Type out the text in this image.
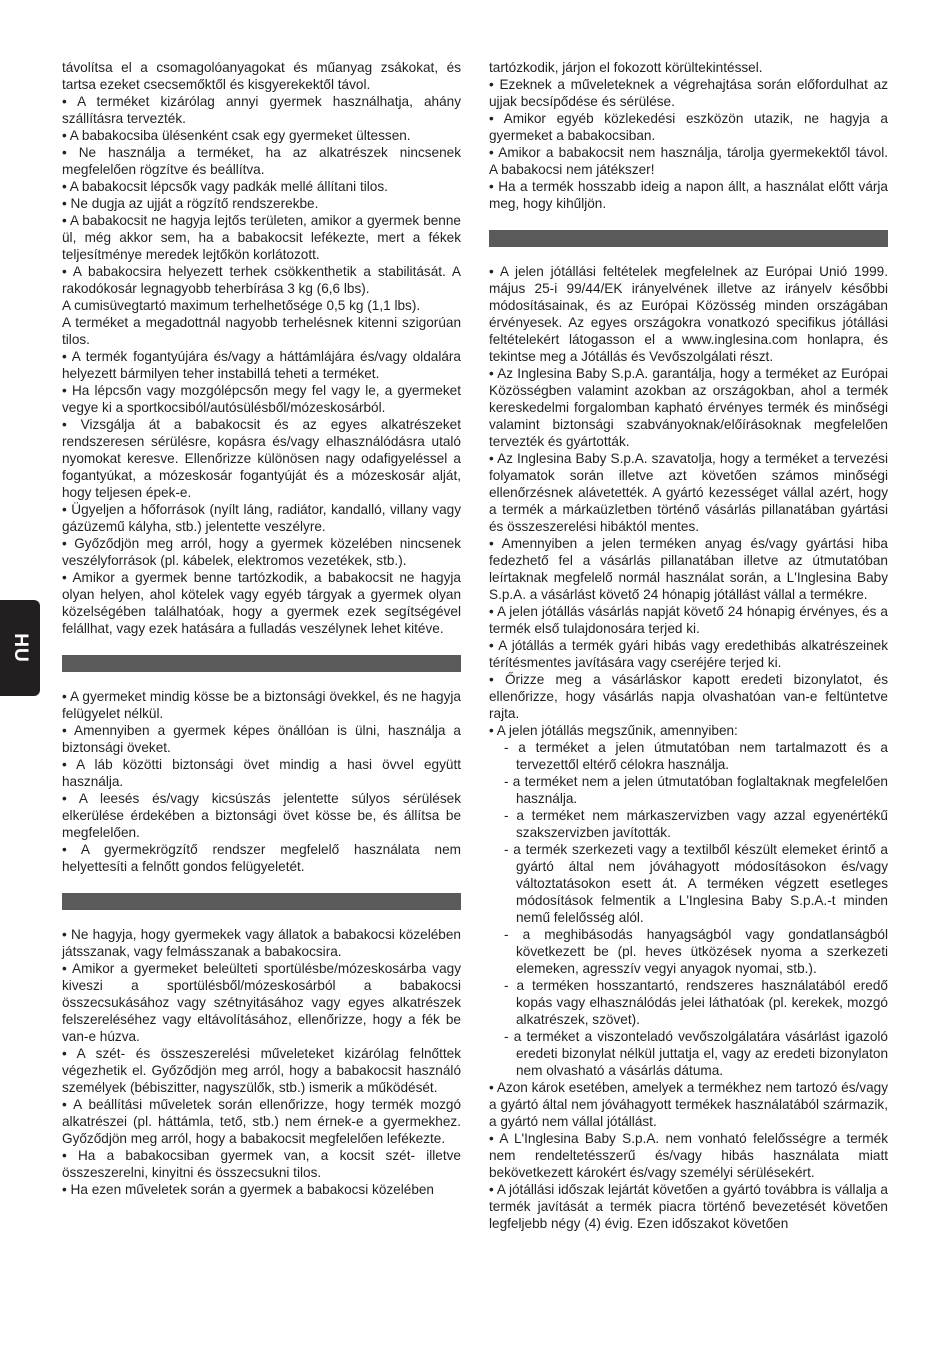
HU

távolítsa el a csomagolóanyagokat és műanyag zsákokat, és tartsa ezeket csecsemőktől és kisgyerekektől távol.

• A terméket kizárólag annyi gyermek használhatja, ahány szállításra tervezték.

• A babakocsiba ülésenként csak egy gyermeket ültessen.

• Ne használja a terméket, ha az alkatrészek nincsenek megfelelően rögzítve és beállítva.

• A babakocsit lépcsők vagy padkák mellé állítani tilos.

• Ne dugja az ujját a rögzítő rendszerekbe.

• A babakocsit ne hagyja lejtős területen, amikor a gyermek benne ül, még akkor sem, ha a babakocsit lefékezte, mert a fékek teljesítménye meredek lejtőkön korlátozott.

• A babakocsira helyezett terhek csökkenthetik a stabilitását. A rakodókosár legnagyobb teherbírása 3 kg (6,6 lbs).

A cumisüvegtartó maximum terhelhetősége 0,5 kg (1,1 lbs).

A terméket a megadottnál nagyobb terhelésnek kitenni szigorúan tilos.

• A termék fogantyújára és/vagy a háttámlájára és/vagy oldalára helyezett bármilyen teher instabillá teheti a terméket.

• Ha lépcsőn vagy mozgólépcsőn megy fel vagy le, a gyermeket vegye ki a sportkocsiból/autósülésből/mózeskosárból.

• Vizsgálja át a babakocsit és az egyes alkatrészeket rendszeresen sérülésre, kopásra és/vagy elhasználódásra utaló nyomokat keresve. Ellenőrizze különösen nagy odafigyeléssel a fogantyúkat, a mózeskosár fogantyúját és a mózeskosár alját, hogy teljesen épek-e.

• Ügyeljen a hőforrások (nyílt láng, radiátor, kandalló, villany vagy gázüzemű kályha, stb.) jelentette veszélyre.

• Győződjön meg arról, hogy a gyermek közelében nincsenek veszélyforrások (pl. kábelek, elektromos vezetékek, stb.).

• Amikor a gyermek benne tartózkodik, a babakocsit ne hagyja olyan helyen, ahol kötelek vagy egyéb tárgyak a gyermek olyan közelségében találhatóak, hogy a gyermek ezek segítségével felállhat, vagy ezek hatására a fulladás veszélynek lehet kitéve.

• A gyermeket mindig kösse be a biztonsági övekkel, és ne hagyja felügyelet nélkül.

• Amennyiben a gyermek képes önállóan is ülni, használja a biztonsági öveket.

• A láb közötti biztonsági övet mindig a hasi övvel együtt használja.

• A leesés és/vagy kicsúszás jelentette súlyos sérülések elkerülése érdekében a biztonsági övet kösse be, és állítsa be megfelelően.

• A gyermekrögzítő rendszer megfelelő használata nem helyettesíti a felnőtt gondos felügyeletét.

• Ne hagyja, hogy gyermekek vagy állatok a babakocsi közelében játsszanak, vagy felmásszanak a babakocsira.

• Amikor a gyermeket beleülteti sportülésbe/mózeskosárba vagy kiveszi a sportülésből/mózeskosárból a babakocsi összecsukásához vagy szétnyitásához vagy egyes alkatrészek felszereléséhez vagy eltávolításához, ellenőrizze, hogy a fék be van-e húzva.

• A szét- és összeszerelési műveleteket kizárólag felnőttek végezhetik el. Győződjön meg arról, hogy a babakocsit használó személyek (bébiszitter, nagyszülők, stb.) ismerik a működését.

• A beállítási műveletek során ellenőrizze, hogy termék mozgó alkatrészei (pl. háttámla, tető, stb.) nem érnek-e a gyermekhez. Győződjön meg arról, hogy a babakocsit megfelelően lefékezte.

• Ha a babakocsiban gyermek van, a kocsit szét- illetve összeszerelni, kinyitni és összecsukni tilos.

• Ha ezen műveletek során a gyermek a babakocsi közelében

tartózkodik, járjon el fokozott körültekintéssel.

• Ezeknek a műveleteknek a végrehajtása során előfordulhat az ujjak becsípődése és sérülése.

• Amikor egyéb közlekedési eszközön utazik, ne hagyja a gyermeket a babakocsiban.

• Amikor a babakocsit nem használja, tárolja gyermekektől távol. A babakocsi nem játékszer!

• Ha a termék hosszabb ideig a napon állt, a használat előtt várja meg, hogy kihűljön.

• A jelen jótállási feltételek megfelelnek az Európai Unió 1999. május 25-i 99/44/EK irányelvének illetve az irányelv későbbi módosításainak, és az Európai Közösség minden országában érvényesek. Az egyes országokra vonatkozó specifikus jótállási feltételekért látogasson el a www.inglesina.com honlapra, és tekintse meg a Jótállás és Vevőszolgálati részt.

• Az Inglesina Baby S.p.A. garantálja, hogy a terméket az Európai Közösségben valamint azokban az országokban, ahol a termék kereskedelmi forgalomban kapható érvényes termék és minőségi valamint biztonsági szabványoknak/előírásoknak megfelelően tervezték és gyártották.

• Az Inglesina Baby S.p.A. szavatolja, hogy a terméket a tervezési folyamatok során illetve azt követően számos minőségi ellenőrzésnek alávetették. A gyártó kezességet vállal azért, hogy a termék a márkaüzletben történő vásárlás pillanatában gyártási és összeszerelési hibáktól mentes.

• Amennyiben a jelen terméken anyag és/vagy gyártási hiba fedezhető fel a vásárlás pillanatában illetve az útmutatóban leírtaknak megfelelő normál használat során, a L'Inglesina Baby S.p.A. a vásárlást követő 24 hónapig jótállást vállal a termékre.

• A jelen jótállás vásárlás napját követő 24 hónapig érvényes, és a termék első tulajdonosára terjed ki.

• A jótállás a termék gyári hibás vagy eredethibás alkatrészeinek térítésmentes javítására vagy cseréjére terjed ki.

• Őrizze meg a vásárláskor kapott eredeti bizonylatot, és ellenőrizze, hogy vásárlás napja olvashatóan van-e feltüntetve rajta.

• A jelen jótállás megszűnik, amennyiben:

- a terméket a jelen útmutatóban nem tartalmazott és a tervezettől eltérő célokra használja.

- a terméket nem a jelen útmutatóban foglaltaknak megfelelően használja.

- a terméket nem márkaszervizben vagy azzal egyenértékű szakszervizben javították.

- a termék szerkezeti vagy a textilből készült elemeket érintő a gyártó által nem jóváhagyott módosításokon és/vagy változtatásokon esett át. A terméken végzett esetleges módosítások felmentik a L'Inglesina Baby S.p.A.-t minden nemű felelősség alól.

- a meghibásodás hanyagságból vagy gondatlanságból következett be (pl. heves ütközések nyoma a szerkezeti elemeken, agresszív vegyi anyagok nyomai, stb.).

- a terméken hosszantartó, rendszeres használatából eredő kopás vagy elhasználódás jelei láthatóak (pl. kerekek, mozgó alkatrészek, szövet).

- a terméket a viszonteladó vevőszolgálatára vásárlást igazoló eredeti bizonylat nélkül juttatja el, vagy az eredeti bizonylaton nem olvasható a vásárlás dátuma.

• Azon károk esetében, amelyek a termékhez nem tartozó és/vagy a gyártó által nem jóváhagyott termékek használatából származik, a gyártó nem vállal jótállást.

• A L'Inglesina Baby S.p.A. nem vonható felelősségre a termék nem rendeltetésszerű és/vagy hibás használata miatt bekövetkezett károkért és/vagy személyi sérülésekért.

• A jótállási időszak lejártát követően a gyártó továbbra is vállalja a termék javítását a termék piacra történő bevezetését követően legfeljebb négy (4) évig. Ezen időszakot követően
